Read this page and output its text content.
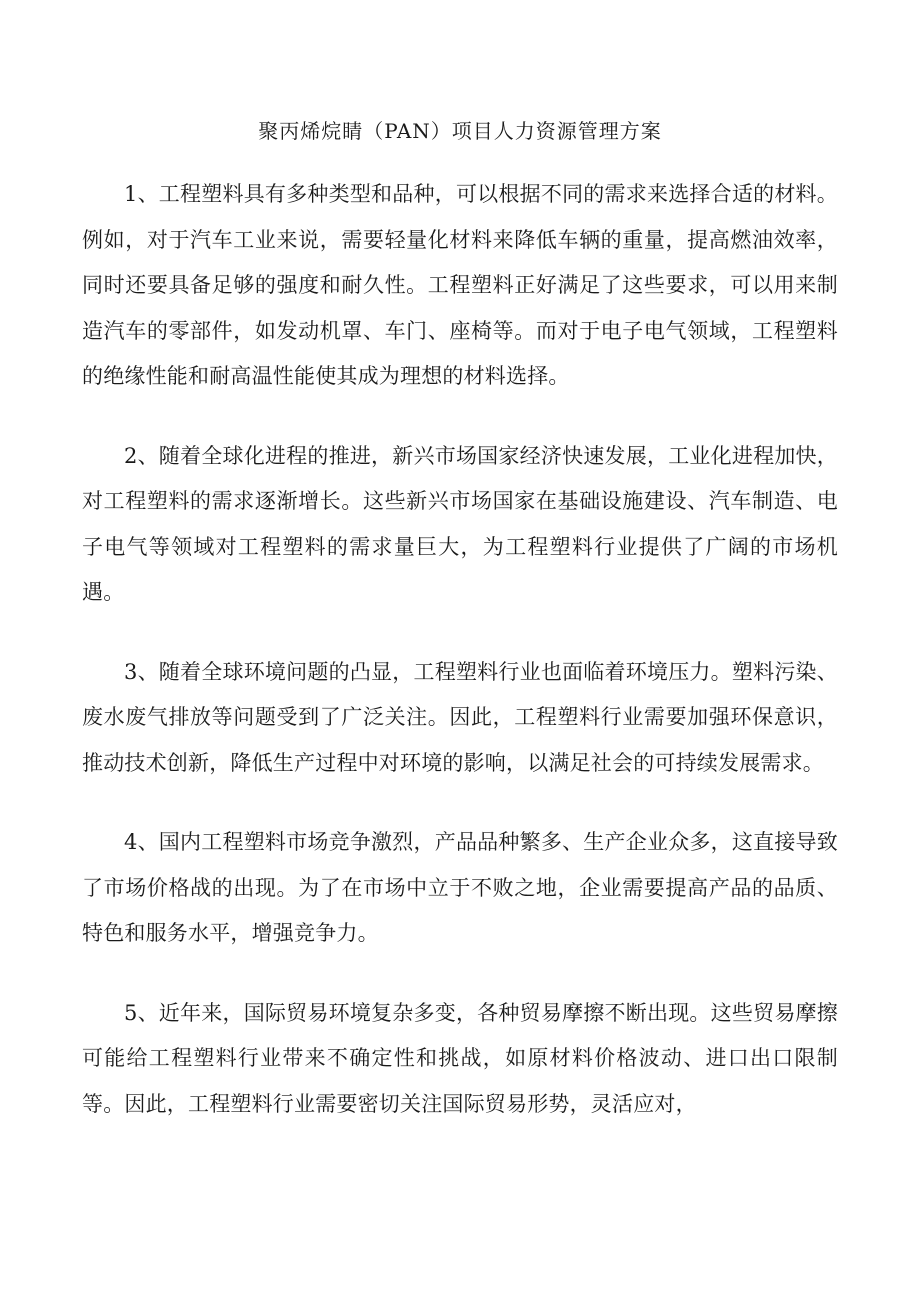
聚丙烯烷睛（PAN）项目人力资源管理方案

1、工程塑料具有多种类型和品种，可以根据不同的需求来选择合适的材料。例如，对于汽车工业来说，需要轻量化材料来降低车辆的重量，提高燃油效率，同时还要具备足够的强度和耐久性。工程塑料正好满足了这些要求，可以用来制造汽车的零部件，如发动机罩、车门、座椅等。而对于电子电气领域，工程塑料的绝缘性能和耐高温性能使其成为理想的材料选择。

2、随着全球化进程的推进，新兴市场国家经济快速发展，工业化进程加快，对工程塑料的需求逐渐增长。这些新兴市场国家在基础设施建设、汽车制造、电子电气等领域对工程塑料的需求量巨大，为工程塑料行业提供了广阔的市场机遇。

3、随着全球环境问题的凸显，工程塑料行业也面临着环境压力。塑料污染、废水废气排放等问题受到了广泛关注。因此，工程塑料行业需要加强环保意识，推动技术创新，降低生产过程中对环境的影响，以满足社会的可持续发展需求。

4、国内工程塑料市场竞争激烈，产品品种繁多、生产企业众多，这直接导致了市场价格战的出现。为了在市场中立于不败之地，企业需要提高产品的品质、特色和服务水平，增强竞争力。

5、近年来，国际贸易环境复杂多变，各种贸易摩擦不断出现。这些贸易摩擦可能给工程塑料行业带来不确定性和挑战，如原材料价格波动、进口出口限制等。因此，工程塑料行业需要密切关注国际贸易形势，灵活应对，
